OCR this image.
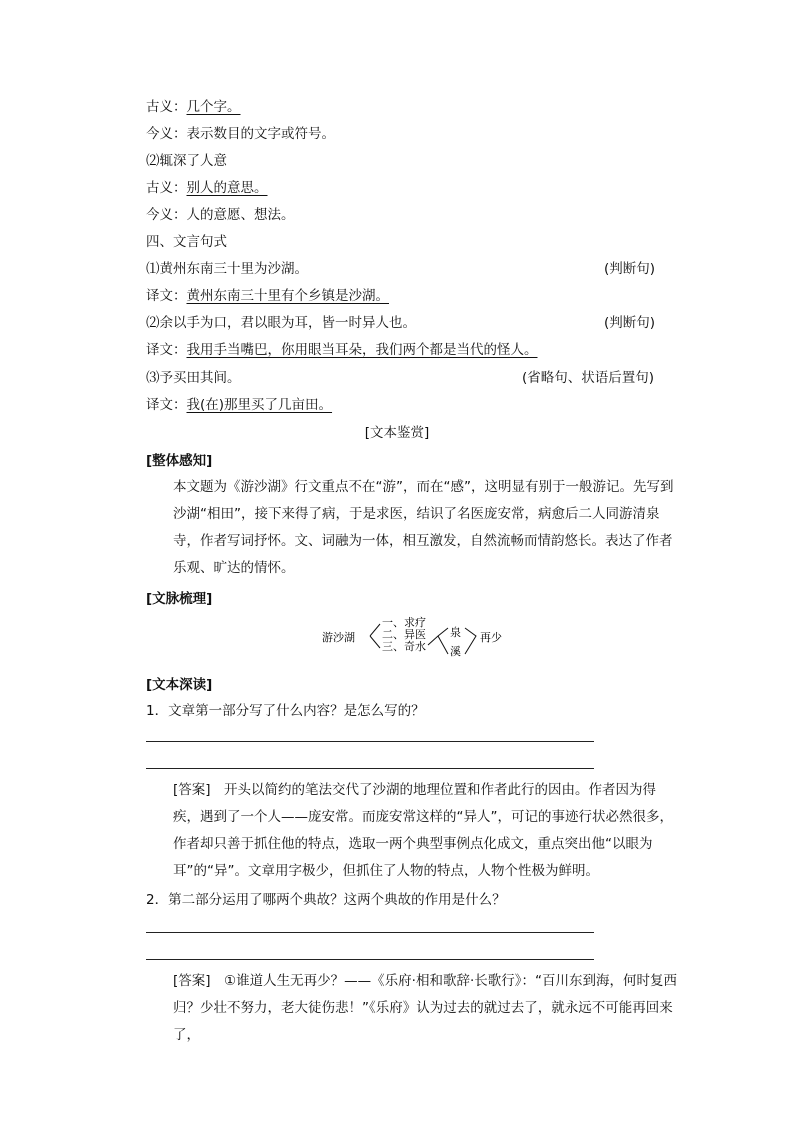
古义：几个字。
今义：表示数目的文字或符号。
⑵辄深了人意
古义：别人的意思。
今义：人的意愿、想法。
四、文言句式
⑴黄州东南三十里为沙湖。	(判断句)
译文：黄州东南三十里有个乡镇是沙湖。
⑵余以手为口，君以眼为耳，皆一时异人也。	(判断句)
译文：我用手当嘴巴，你用眼当耳朵，我们两个都是当代的怪人。
⑶予买田其间。	(省略句、状语后置句)
译文：我(在)那里买了几亩田。
[文本鉴赏]
[整体感知]
本文题为《游沙湖》行文重点不在“游”，而在“感”，这明显有别于一般游记。先写到沙湖“相田”，接下来得了病，于是求医，结识了名医庞安常，病愈后二人同游清泉寺，作者写词抒怀。文、词融为一体，相互激发，自然流畅而情韵悠长。表达了作者乐观、旷达的情怀。
[文脉梳理]
游沙湖
一、求疗
二、异医
三、奇水
泉
溪
再少
[文本深读]
1．文章第一部分写了什么内容？是怎么写的？
[答案]　 开头以简约的笔法交代了沙湖的地理位置和作者此行的因由。作者因为得疾，遇到了一个人——庞安常。而庞安常这样的“异人”，可记的事迹行状必然很多，作者却只善于抓住他的特点，选取一两个典型事例点化成文，重点突出他“以眼为耳”的“异”。文章用字极少，但抓住了人物的特点，人物个性极为鲜明。
2．第二部分运用了哪两个典故？这两个典故的作用是什么？
[答案]　 ①谁道人生无再少？——《乐府·相和歌辞·长歌行》：“百川东到海，何时复西归？少壮不努力，老大徒伤悲！”《乐府》认为过去的就过去了，就永远不可能再回来了，
